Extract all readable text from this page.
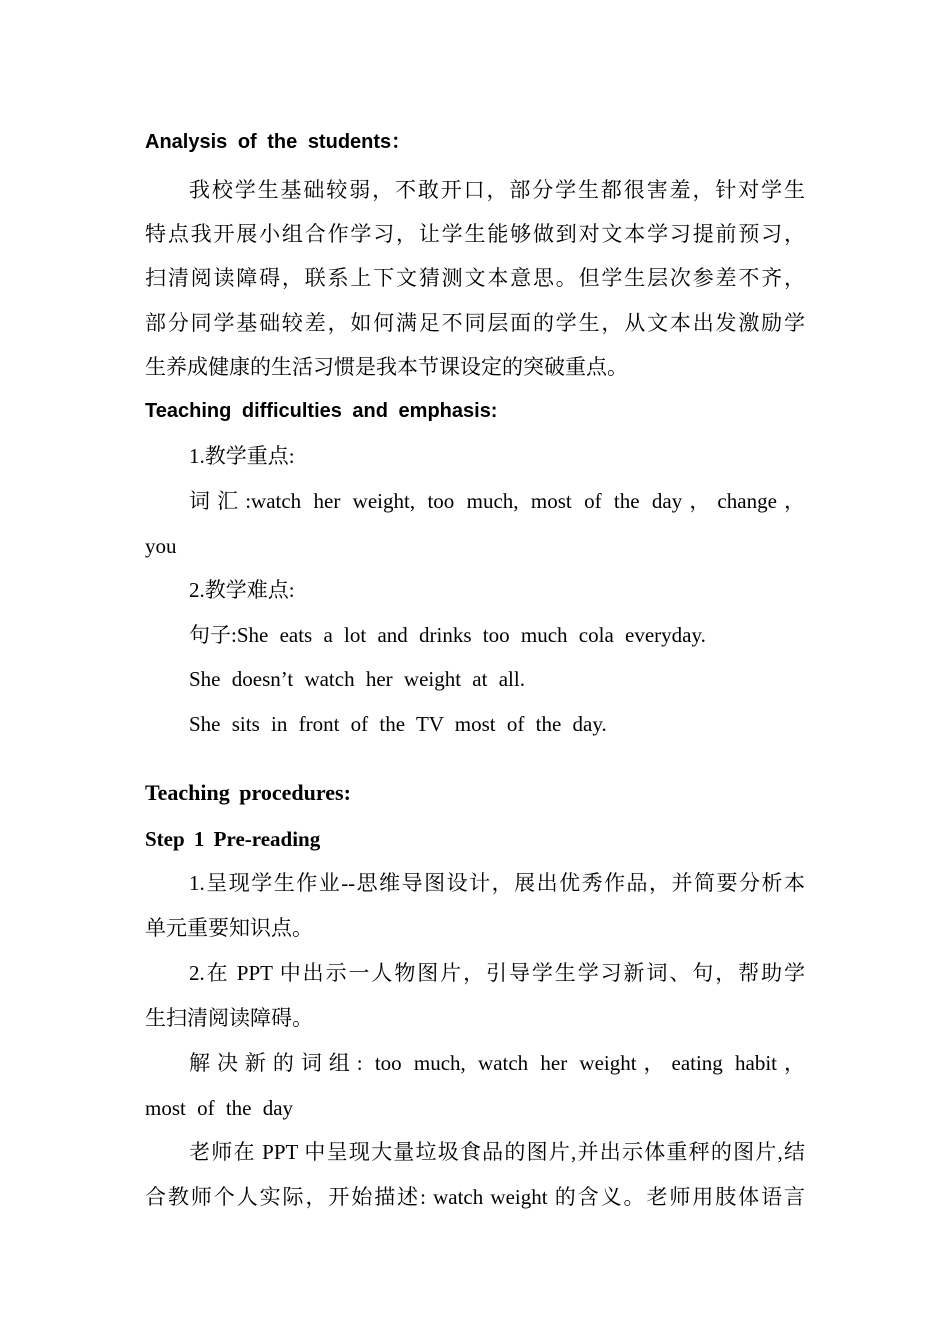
Analysis of the students：
我校学生基础较弱，不敢开口，部分学生都很害羞，针对学生
特点我开展小组合作学习，让学生能够做到对文本学习提前预习，
扫清阅读障碍，联系上下文猜测文本意思。但学生层次参差不齐，
部分同学基础较差，如何满足不同层面的学生，从文本出发激励学
生养成健康的生活习惯是我本节课设定的突破重点。
Teaching difficulties and emphasis:
1.教学重点:
词汇:watch her weight, too much, most of the day，change，
you
2.教学难点:
句子:She eats a lot and drinks too much cola everyday.
She doesn’t watch her weight at all.
She sits in front of the TV most of the day.
Teaching procedures:
Step 1 Pre-reading
1.呈现学生作业--思维导图设计，展出优秀作品，并简要分析本
单元重要知识点。
2.在 PPT 中出示一人物图片，引导学生学习新词、句，帮助学
生扫清阅读障碍。
解决新的词组: too much, watch her weight，eating habit，
most of the day
老师在 PPT 中呈现大量垃圾食品的图片,并出示体重秤的图片,结
合教师个人实际，开始描述: watch weight 的含义。老师用肢体语言
